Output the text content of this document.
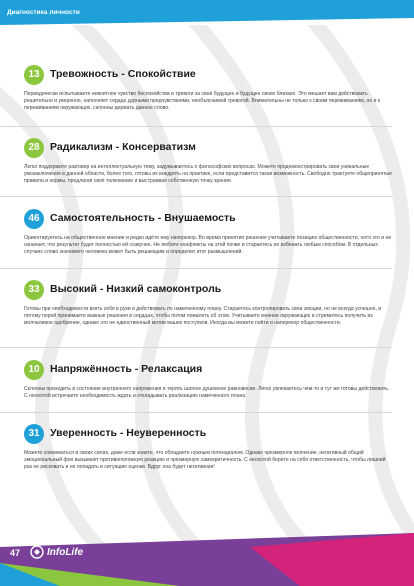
Диагностика личности
13 Тревожность - Спокойствие
Периодически испытываете невнятное чувство беспокойства и тревоги за своё будущее и будущее своих близких. Это мешает вам действовать решительно и уверенно, наполняет сердце дурными предчувствиями, необъяснимой тревогой. Внимательны не только к своим переживаниям, но и к переживаниям окружающих, склонны держать данное слово.
28 Радикализм - Консерватизм
Легко поддержите разговор на интеллектуальную тему, задумываетесь о философских вопросах. Можете продемонстрировать свои уникальные умозаключения в данной области, более того, готовы их внедрять на практике, если представится такая возможность. Свободно трактуете общепринятые правила и нормы, предлагая своё толкование и выстраивая собственную точку зрения.
46 Самостоятельность - Внушаемость
Ориентируетесь на общественное мнение и редко идёте ему наперекор. Во время принятия решения учитываете позицию общественности, хотя это и не означает, что результат будет полностью ей созвучен. Не любите конфликты на этой почве и стараетесь их избежать любым способом. В отдельных случаях слово значимого человека может быть решающим и определит итог размышлений.
33 Высокий - Низкий самоконтроль
Готовы при необходимости взять себя в руки и действовать по намеченному плану. Стараетесь контролировать свои эмоции, но не всегда успешно, и потому порой принимаете важные решения в сердцах, чтобы потом пожалеть об этом. Учитываете мнение окружающих и стремитесь получить их молчаливое одобрение, однако это не единственный мотив ваших поступков. Иногда вы можете пойти и наперекор общественности.
10 Напряжённость - Релаксация
Склонны приходить в состояние внутреннего напряжения и терять шаткое душевное равновесие. Легко увлекаетесь чем-то и тут же готовы действовать. С неохотой встречаете необходимость ждать и откладывать реализацию намеченного плана.
31 Уверенность - Неуверенность
Можете сомневаться в своих силах, даже если знаете, что обладаете нужным потенциалом. Однако чрезмерное волнение, негативный общий эмоциональный фон вызывают противоположную реакцию и чрезмерную самокритичность. С неохотой берёте на себя ответственность, чтобы лишний раз не рисковать и не попадать в ситуацию оценки. Вдруг она будет негативная!
47	InfoLife
